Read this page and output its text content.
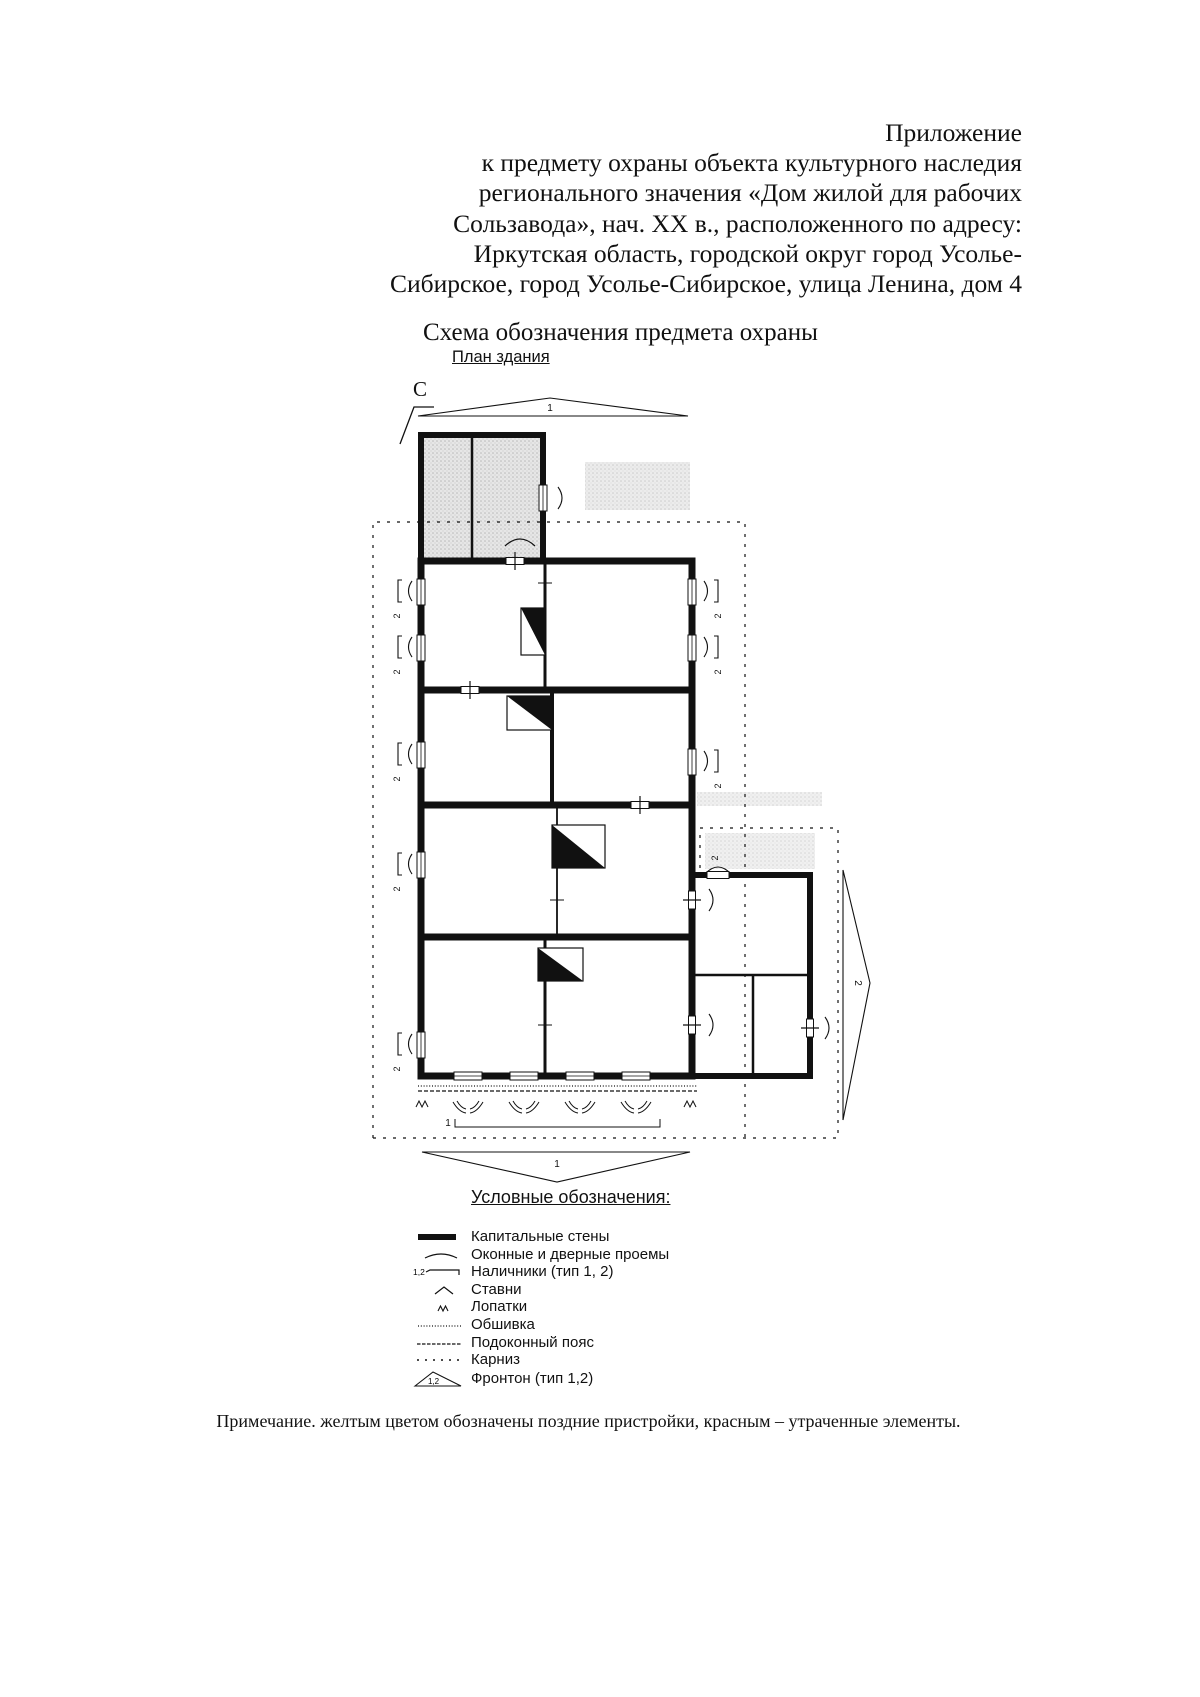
Приложение
к предмету охраны объекта культурного наследия
регионального значения «Дом жилой для рабочих
Сользавода», нач. XX в., расположенного по адресу:
Иркутская область, городской округ город Усолье-
Сибирское, город Усолье-Сибирское, улица Ленина, дом 4
Схема обозначения предмета охраны
План здания
С
1
2
2
2
2
2
2
2
2
2
1
1
2
Условные обозначения:
Капитальные стены
Оконные и дверные проемы
1,2	Наличники (тип 1, 2)
Ставни
Лопатки
Обшивка
Подоконный пояс
Карниз
1,2 Фронтон (тип 1,2)
Примечание. желтым цветом обозначены поздние пристройки, красным – утраченные элементы.
